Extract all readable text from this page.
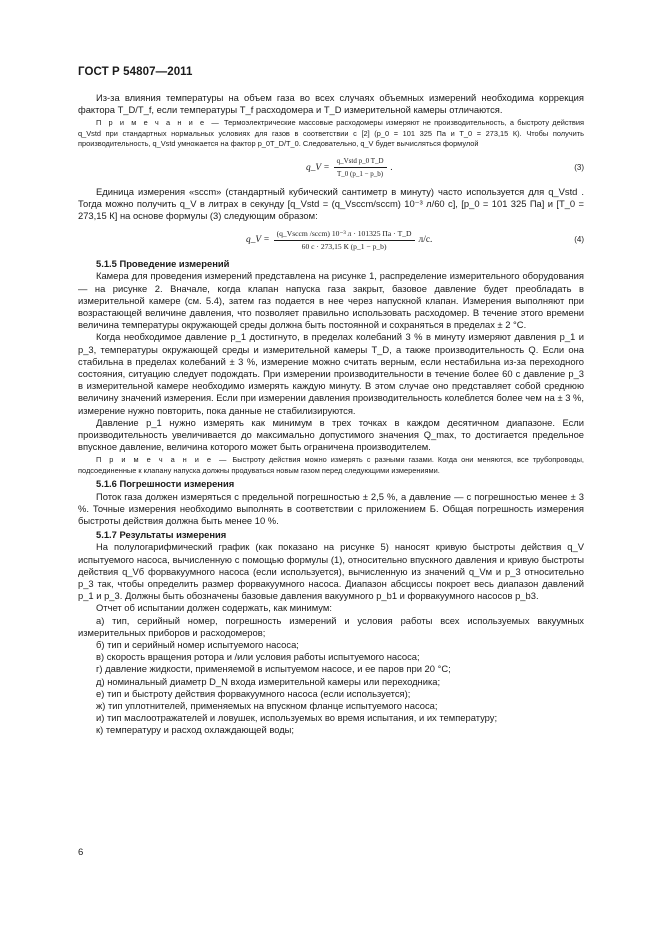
ГОСТ Р 54807—2011

Из-за влияния температуры на объем газа во всех случаях объемных измерений необходима коррекция фактора T_D/T_f, если температуры T_f расходомера и T_D измерительной камеры отличаются.

П р и м е ч а н и е — Термоэлектрические массовые расходомеры измеряют не производительность, а быстроту действия q_Vstd при стандартных нормальных условиях для газов в соответствии с [2] (p_0 = 101 325 Па и T_0 = 273,15 К). Чтобы получить производительность, q_Vstd умножается на фактор p_0T_D/T_0. Следовательно, q_V будет вычисляться формулой

q_V = $\frac{\text{q\_Vstd p\_0 T\_D}}{T\_0 (p\_1 - p\_b)}$ .	(3)

Единица измерения «sccm» (стандартный кубический сантиметр в минуту) часто используется для q_Vstd . Тогда можно получить q_V в литрах в секунду [q_Vstd = (q_Vsccm/sccm) 10⁻³ л/60 с], [p_0 = 101 325 Па] и [T_0 = 273,15 К] на основе формулы (3) следующим образом:

q_V = $\frac{\text{(q\_Vsccm /sccm) 10⁻³ л · 101325 Па · T\_D}}{60 с \cdot 273,15 К (p\_1 - p\_b)} л/с$.	(4)

5.1.5 Проведение измерений

Камера для проведения измерений представлена на рисунке 1, распределение измерительного оборудования — на рисунке 2. Вначале, когда клапан напуска газа закрыт, базовое давление будет преобладать в измерительной камере (см. 5.4), затем газ подается в нее через напускной клапан. Измерения выполняют при возрастающей величине давления, что позволяет правильно использовать расходомер. В течение этого времени величина температуры окружающей среды должна быть постоянной и сохраняться в пределах ± 2 °С.

Когда необходимое давление p_1 достигнуто, в пределах колебаний 3 % в минуту измеряют давления p_1 и p_3, температуры окружающей среды и измерительной камеры T_D, а также производительность Q. Если она стабильна в пределах колебаний ± 3 %, измерение можно считать верным, если нестабильна из-за переходного состояния, ситуацию следует подождать. При измерении производительности в течение более 60 с давление p_3 в измерительной камере необходимо измерять каждую минуту. В этом случае оно представляет собой среднюю величину значений измерения. Если при измерении давления производительность колеблется более чем на ± 3 %, измерение нужно повторить, пока данные не стабилизируются.

Давление p_1 нужно измерять как минимум в трех точках в каждом десятичном диапазоне. Если производительность увеличивается до максимально допустимого значения Q_max, то достигается предельное впускное давление, величина которого может быть ограничена производителем.

П р и м е ч а н и е — Быстроту действия можно измерять с разными газами. Когда они меняются, все трубопроводы, подсоединенные к клапану напуска должны продуваться новым газом перед следующими измерениями.

5.1.6 Погрешности измерения

Поток газа должен измеряться с предельной погрешностью ± 2,5 %, а давление — с погрешностью менее ± 3 %. Точные измерения необходимо выполнять в соответствии с приложением Б. Общая погрешность измерения быстроты действия должна быть менее 10 %.

5.1.7 Результаты измерения

На полулогарифмический график (как показано на рисунке 5) наносят кривую быстроты действия q_V испытуемого насоса, вычисленную с помощью формулы (1), относительно впускного давления и кривую быстроты действия q_Vб форвакуумного насоса (если используется), вычисленную из значений q_Vм и p_3 относительно p_3 так, чтобы определить размер форвакуумного насоса. Диапазон абсциссы покроет весь диапазон давлений p_1 и p_3. Должны быть обозначены базовые давления вакуумного p_b1 и форвакуумного насосов p_b3.

Отчет об испытании должен содержать, как минимум:

а) тип, серийный номер, погрешность измерений и условия работы всех используемых вакуумных измерительных приборов и расходомеров;

б) тип и серийный номер испытуемого насоса;

в) скорость вращения ротора и /или условия работы испытуемого насоса;

г) давление жидкости, применяемой в испытуемом насосе, и ее паров при 20 °С;

д) номинальный диаметр D_N входа измерительной камеры или переходника;

е) тип и быстроту действия форвакуумного насоса (если используется);

ж) тип уплотнителей, применяемых на впускном фланце испытуемого насоса;

и) тип маслоотражателей и ловушек, используемых во время испытания, и их температуру;

к) температуру и расход охлаждающей воды;

6
